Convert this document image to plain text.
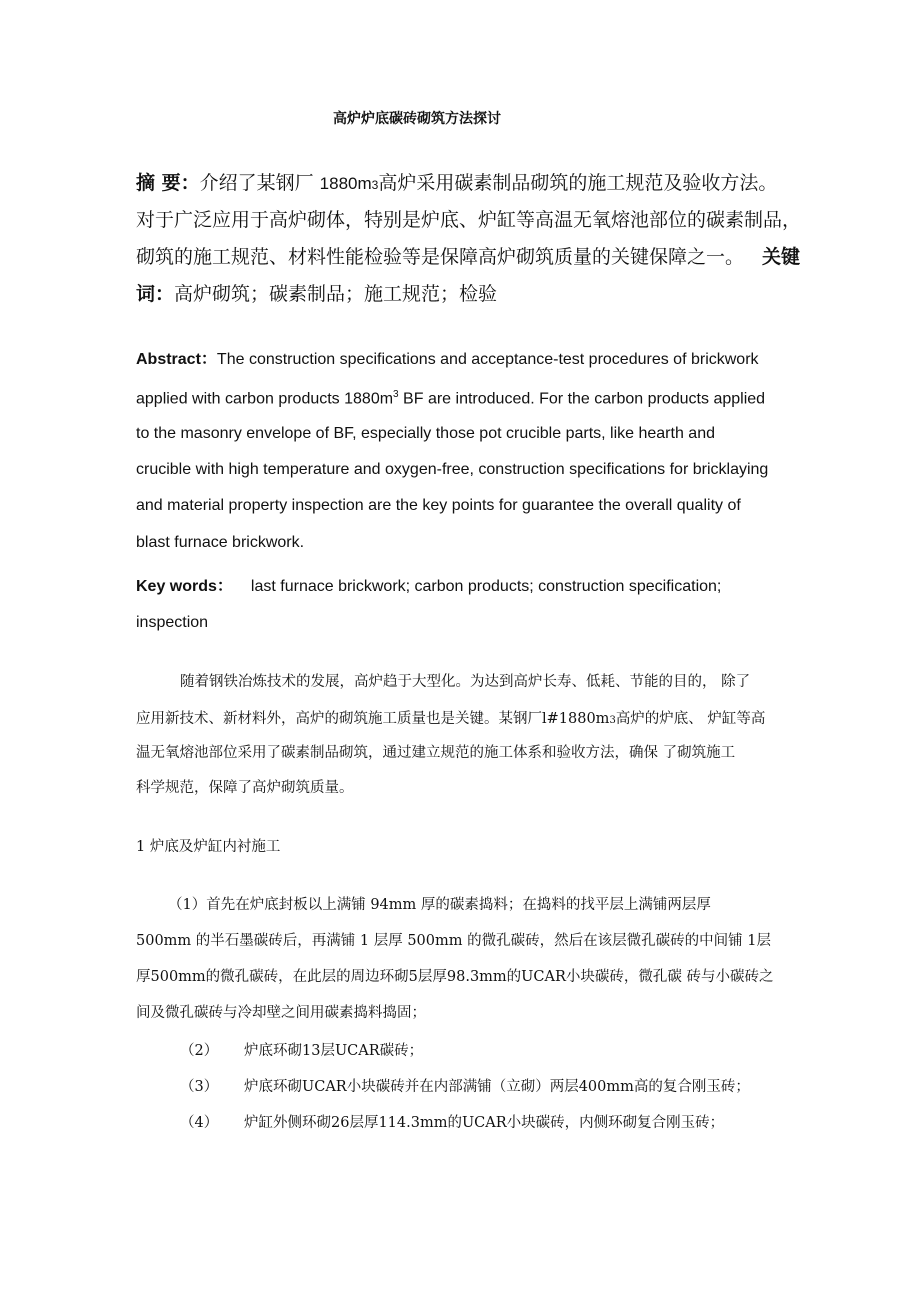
高炉炉底碳砖砌筑方法探讨
摘 要：介绍了某钢厂 1880m3高炉采用碳素制品砌筑的施工规范及验收方法。
对于广泛应用于高炉砌体，特别是炉底、炉缸等高温无氧熔池部位的碳素制品，
砌筑的施工规范、材料性能检验等是保障高炉砌筑质量的关键保障之一。 关键
词：高炉砌筑；碳素制品；施工规范；检验
Abstract：The construction specifications and acceptance-test procedures of brickwork
applied with carbon products $1880m^3$ BF are introduced. For the carbon products applied
to the masonry envelope of BF, especially those pot crucible parts, like hearth and
crucible with high temperature and oxygen-free, construction specifications for bricklaying
and material property inspection are the key points for guarantee the overall quality of
blast furnace brickwork.
Key words： last furnace brickwork; carbon products; construction specification;
inspection
随着钢铁冶炼技术的发展，高炉趋于大型化。为达到高炉长寿、低耗、节能的目的， 除了
应用新技术、新材料外，高炉的砌筑施工质量也是关键。某钢厂l#1880m3高炉的炉底、 炉缸等高
温无氧熔池部位采用了碳素制品砌筑，通过建立规范的施工体系和验收方法，确保 了砌筑施工
科学规范，保障了高炉砌筑质量。
1 炉底及炉缸内衬施工
（1）首先在炉底封板以上满铺 94mm 厚的碳素捣料；在捣料的找平层上满铺两层厚
500mm 的半石墨碳砖后，再满铺 1 层厚 500mm 的微孔碳砖，然后在该层微孔碳砖的中间铺 1层
厚500mm的微孔碳砖，在此层的周边环砌5层厚98.3mm的UCAR小块碳砖，微孔碳 砖与小碳砖之
间及微孔碳砖与冷却壁之间用碳素捣料捣固；
（2） 炉底环砌13层UCAR碳砖；
（3） 炉底环砌UCAR小块碳砖并在内部满铺（立砌）两层400mm高的复合刚玉砖；
（4） 炉缸外侧环砌26层厚114.3mm的UCAR小块碳砖，内侧环砌复合刚玉砖；
